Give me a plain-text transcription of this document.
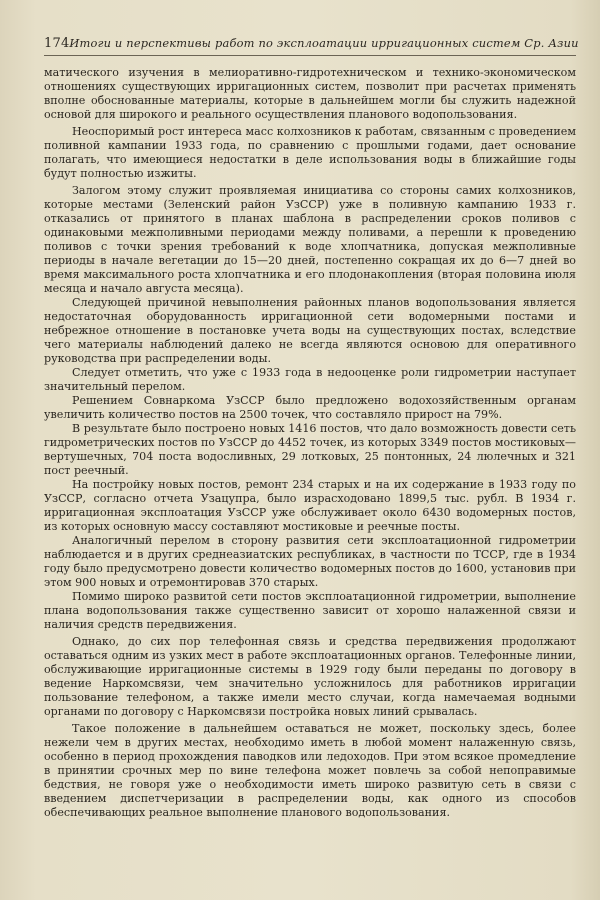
174 Итоги и перспективы работ по эксплоатации ирригационных систем Ср. Азии

матического изучения в мелиоративно-гидротехническом и технико-экономическом отношениях существующих ирригационных систем, позволит при расчетах применять вполне обоснованные материалы, которые в дальнейшем могли бы служить надежной основой для широкого и реального осуществления планового водопользования.

Неоспоримый рост интереса масс колхозников к работам, связанным с проведением поливной кампании 1933 года, по сравнению с прошлыми годами, дает основание полагать, что имеющиеся недостатки в деле использования воды в ближайшие годы будут полностью изжиты.

Залогом этому служит проявляемая инициатива со стороны самих колхозников, которые местами (Зеленский район УзССР) уже в поливную кампанию 1933 г. отказались от принятого в планах шаблона в распределении сроков поливов с одинаковыми межполивными периодами между поливами, а перешли к проведению поливов с точки зрения требований к воде хлопчатника, допуская межполивные периоды в начале вегетации до 15—20 дней, постепенно сокращая их до 6—7 дней во время максимального роста хлопчатника и его плодонакопления (вторая половина июля месяца и начало августа месяца).

Следующей причиной невыполнения районных планов водопользования является недостаточная оборудованность ирригационной сети водомерными постами и небрежное отношение в постановке учета воды на существующих постах, вследствие чего материалы наблюдений далеко не всегда являются основою для оперативного руководства при распределении воды.

Следует отметить, что уже с 1933 года в недооценке роли гидрометрии наступает значительный перелом.

Решением Совнаркома УзССР было предложено водохозяйственным органам увеличить количество постов на 2500 точек, что составляло прирост на 79%.

В результате было построено новых 1416 постов, что дало возможность довести сеть гидрометрических постов по УзССР до 4452 точек, из которых 3349 постов мостиковых—вертушечных, 704 поста водосливных, 29 лотковых, 25 понтонных, 24 люлечных и 321 пост реечный.

На постройку новых постов, ремонт 234 старых и на их содержание в 1933 году по УзССР, согласно отчета Узацупра, было израсходовано 1899,5 тыс. рубл. В 1934 г. ирригационная эксплоатация УзССР уже обслуживает около 6430 водомерных постов, из которых основную массу составляют мостиковые и реечные посты.

Аналогичный перелом в сторону развития сети эксплоатационной гидрометрии наблюдается и в других среднеазиатских республиках, в частности по ТССР, где в 1934 году было предусмотрено довести количество водомерных постов до 1600, установив при этом 900 новых и отремонтировав 370 старых.

Помимо широко развитой сети постов эксплоатационной гидрометрии, выполнение плана водопользования также существенно зависит от хорошо налаженной связи и наличия средств передвижения.

Однако, до сих пор телефонная связь и средства передвижения продолжают оставаться одним из узких мест в работе эксплоатационных органов. Телефонные линии, обслуживающие ирригационные системы в 1929 году были переданы по договору в ведение Наркомсвязи, чем значительно усложнилось для работников ирригации пользование телефоном, а также имели место случаи, когда намечаемая водными органами по договору с Наркомсвязи постройка новых линий срывалась.

Такое положение в дальнейшем оставаться не может, поскольку здесь, более нежели чем в других местах, необходимо иметь в любой момент налаженную связь, особенно в период прохождения паводков или ледоходов. При этом всякое промедление в принятии срочных мер по вине телефона может повлечь за собой непоправимые бедствия, не говоря уже о необходимости иметь широко развитую сеть в связи с введением диспетчеризации в распределении воды, как одного из способов обеспечивающих реальное выполнение планового водопользования.
